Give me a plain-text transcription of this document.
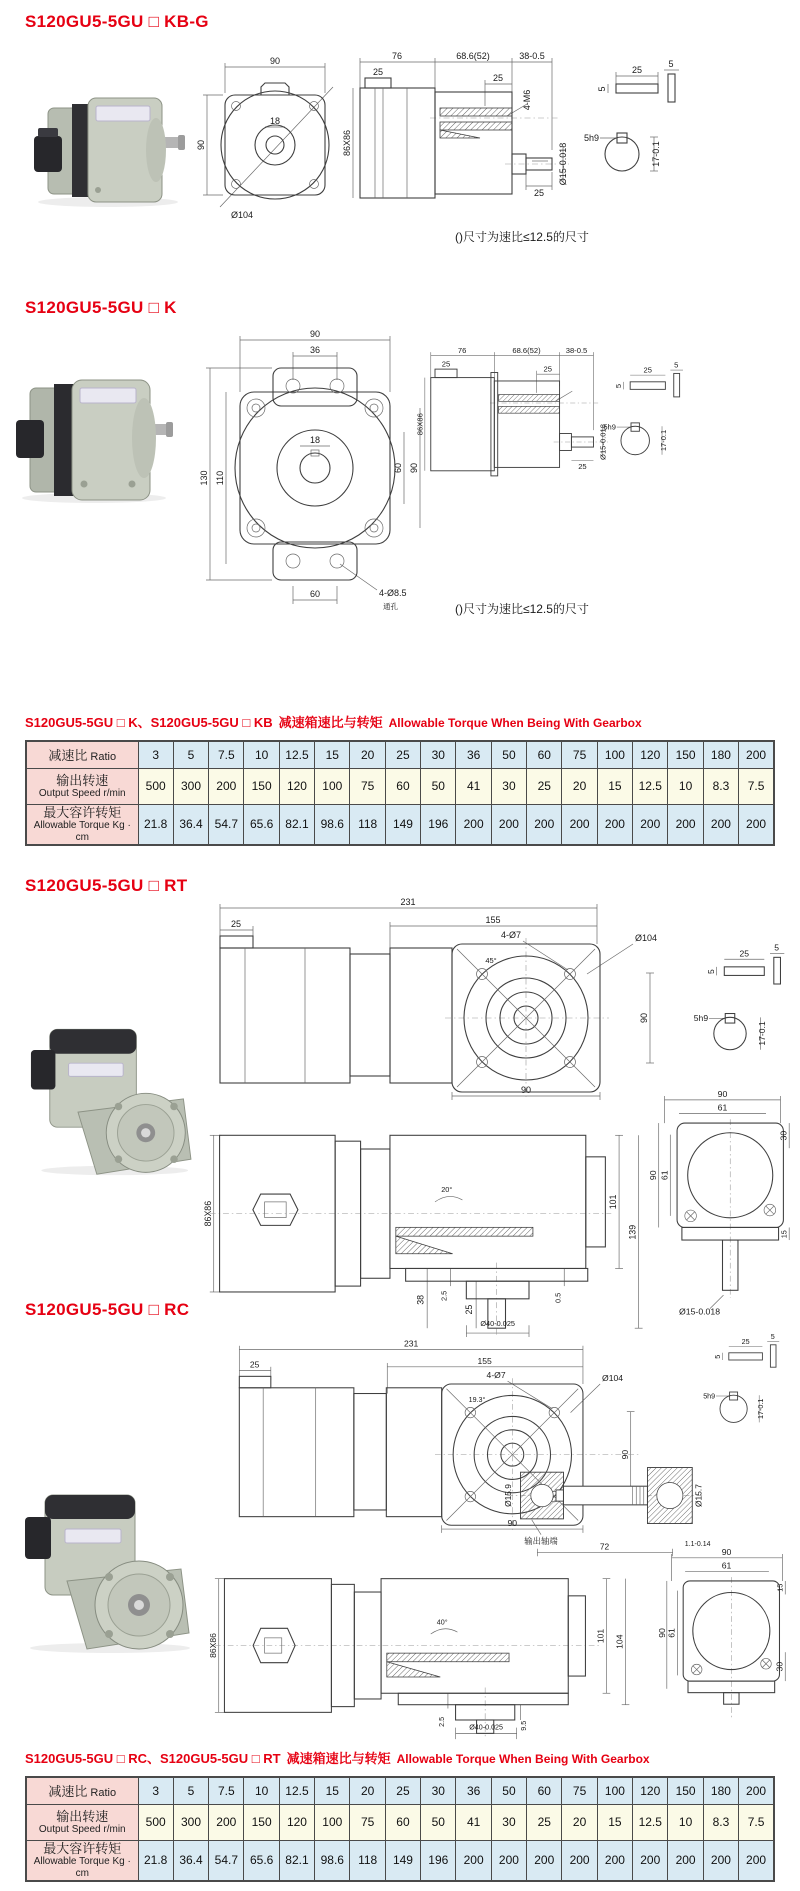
S120GU5-5GU □ KB-G
90
90
18
Ø104
76	68.6(52)	38-0.5
25
25
4-M6
Ø15-0.018
86X86
25
25
5
5
5h9
17-0.1
()尺寸为速比≤12.5的尺寸
S120GU5-5GU □ K
90
36
18
130 110
60 90
60	4-Ø8.5
通孔
76	68.6(52)	38-0.5
25
25
Ø15-0.018
86X86
25
25
5
5
5h9
17-0.1
()尺寸为速比≤12.5的尺寸
S120GU5-5GU □ K、S120GU5-5GU □ KB 减速箱速比与转矩 Allowable Torque When Being With Gearbox
减速比 Ratio	3	5	7.5	10	12.5	15	20	25	30	36	50	60	75	100	120	150	180	200

输出转速
Output Speed r/min	500	300	200	150	120	100	75	60	50	41	30	25	20	15	12.5	10	8.3	7.5

最大容许转矩
Allowable Torque Kg · cm	21.8	36.4	54.7	65.6	82.1	98.6	118	149	196	200	200	200	200	200	200	200	200	200
S120GU5-5GU □ RT
231
155
25
4-Ø7
45°
Ø104
90
90
25
5
5
5h9
17-0.1
86X86
20°
101
139
38 2.5
25
0.5
Ø40-0.025
90
61
90 61
30
15
Ø15-0.018
S120GU5-5GU □ RC
231
155
25
4-Ø7
19.3°
Ø104
90
90
25
5
5
5h9
17-0.1
Ø15.9	Ø15.7
输出轴端
72	1.1-0.14
86X86
40°
101 104
2.5
Ø40-0.025 9.5
90
61
90 61
15
30
S120GU5-5GU □ RC、S120GU5-5GU □ RT 减速箱速比与转矩 Allowable Torque When Being With Gearbox
减速比 Ratio	3	5	7.5	10	12.5	15	20	25	30	36	50	60	75	100	120	150	180	200

输出转速
Output Speed r/min	500	300	200	150	120	100	75	60	50	41	30	25	20	15	12.5	10	8.3	7.5

最大容许转矩
Allowable Torque Kg · cm	21.8	36.4	54.7	65.6	82.1	98.6	118	149	196	200	200	200	200	200	200	200	200	200
